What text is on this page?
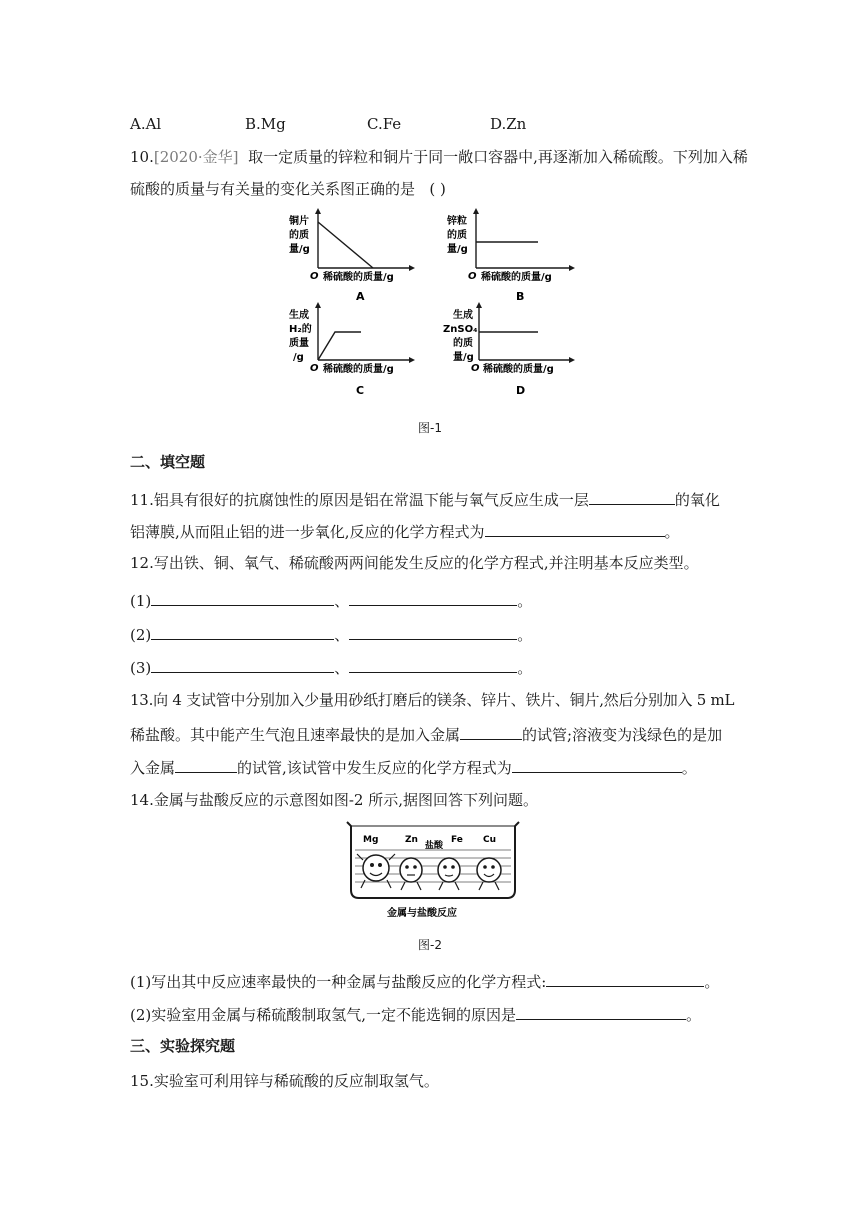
A.Al	B.Mg	C.Fe	D.Zn
10.[2020·金华] 取一定质量的锌粒和铜片于同一敞口容器中,再逐渐加入稀硫酸。下列加入稀
硫酸的质量与有关量的变化关系图正确的是 ( )
铜片
的质
量/g
O 稀硫酸的质量/g
A
锌粒
的质
量/g
O 稀硫酸的质量/g
B
生成
H₂的
质量
/g
O 稀硫酸的质量/g
C
生成
ZnSO₄
的质
量/g
O 稀硫酸的质量/g
D
图-1
二、填空题
11.铝具有很好的抗腐蚀性的原因是铝在常温下能与氧气反应生成一层	的氧化
铝薄膜,从而阻止铝的进一步氧化,反应的化学方程式为	。
12.写出铁、铜、氧气、稀硫酸两两间能发生反应的化学方程式,并注明基本反应类型。
(1)	、	。
(2)	、	。
(3)	、	。
13.向 4 支试管中分别加入少量用砂纸打磨后的镁条、锌片、铁片、铜片,然后分别加入 5 mL
稀盐酸。其中能产生气泡且速率最快的是加入金属	的试管;溶液变为浅绿色的是加
入金属	的试管,该试管中发生反应的化学方程式为	。
14.金属与盐酸反应的示意图如图-2 所示,据图回答下列问题。
Mg	Zn
盐酸
Fe Cu
金属与盐酸反应
图-2
(1)写出其中反应速率最快的一种金属与盐酸反应的化学方程式:	。
(2)实验室用金属与稀硫酸制取氢气,一定不能选铜的原因是	。
三、实验探究题
15.实验室可利用锌与稀硫酸的反应制取氢气。
